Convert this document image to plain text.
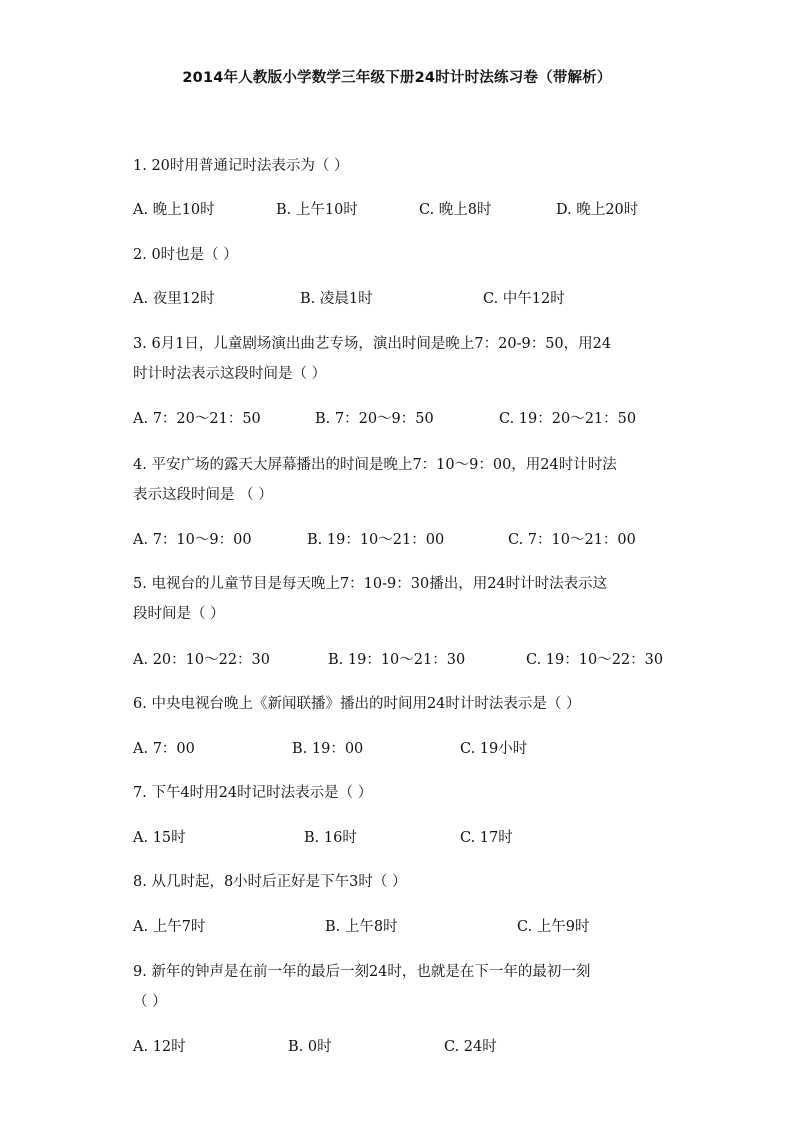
2014年人教版小学数学三年级下册24时计时法练习卷（带解析）
1. 20时用普通记时法表示为（ ）
A. 晚上10时	B. 上午10时	C. 晚上8时	D. 晚上20时
2. 0时也是（ ）
A. 夜里12时	B. 凌晨1时	C. 中午12时
3. 6月1日，儿童剧场演出曲艺专场，演出时间是晚上7：20-9：50，用24
时计时法表示这段时间是（ ）
A. 7：20～21：50	B. 7：20～9：50	C. 19：20～21：50
4. 平安广场的露天大屏幕播出的时间是晚上7：10～9：00，用24时计时法
表示这段时间是 （ ）
A. 7：10～9：00	B. 19：10～21：00	C. 7：10～21：00
5. 电视台的儿童节目是每天晚上7：10-9：30播出，用24时计时法表示这
段时间是（ ）
A. 20：10～22：30	B. 19：10～21：30	C. 19：10～22：30
6. 中央电视台晚上《新闻联播》播出的时间用24时计时法表示是（ ）
A. 7：00	B. 19：00	C. 19小时
7. 下午4时用24时记时法表示是（ ）
A. 15时	B. 16时	C. 17时
8. 从几时起，8小时后正好是下午3时（ ）
A. 上午7时	B. 上午8时	C. 上午9时
9. 新年的钟声是在前一年的最后一刻24时，也就是在下一年的最初一刻
（ ）
A. 12时	B. 0时	C. 24时
